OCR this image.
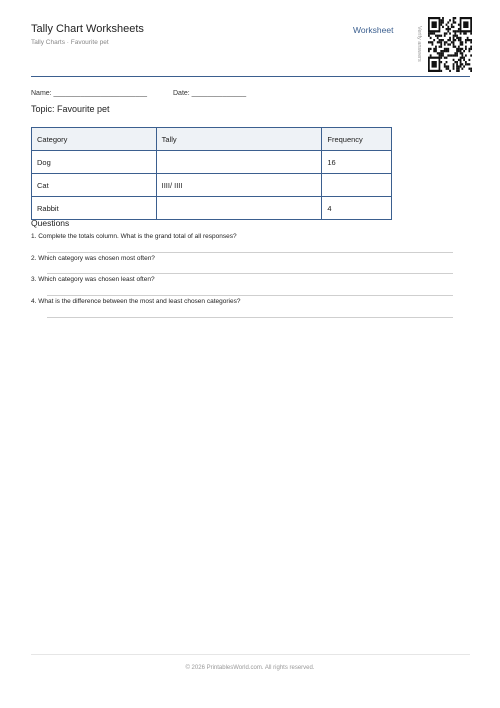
Tally Chart Worksheets
Tally Charts · Favourite pet
Worksheet	Verify answers
Name: ________________________	Date: ______________
Topic: Favourite pet
Category	Tally	Frequency
Dog		16
Cat	IIII/ IIII	
Rabbit		4
Questions
1. Complete the totals column. What is the grand total of all responses?
2. Which category was chosen most often?
3. Which category was chosen least often?
4. What is the difference between the most and least chosen categories?
© 2026 PrintablesWorld.com. All rights reserved.
